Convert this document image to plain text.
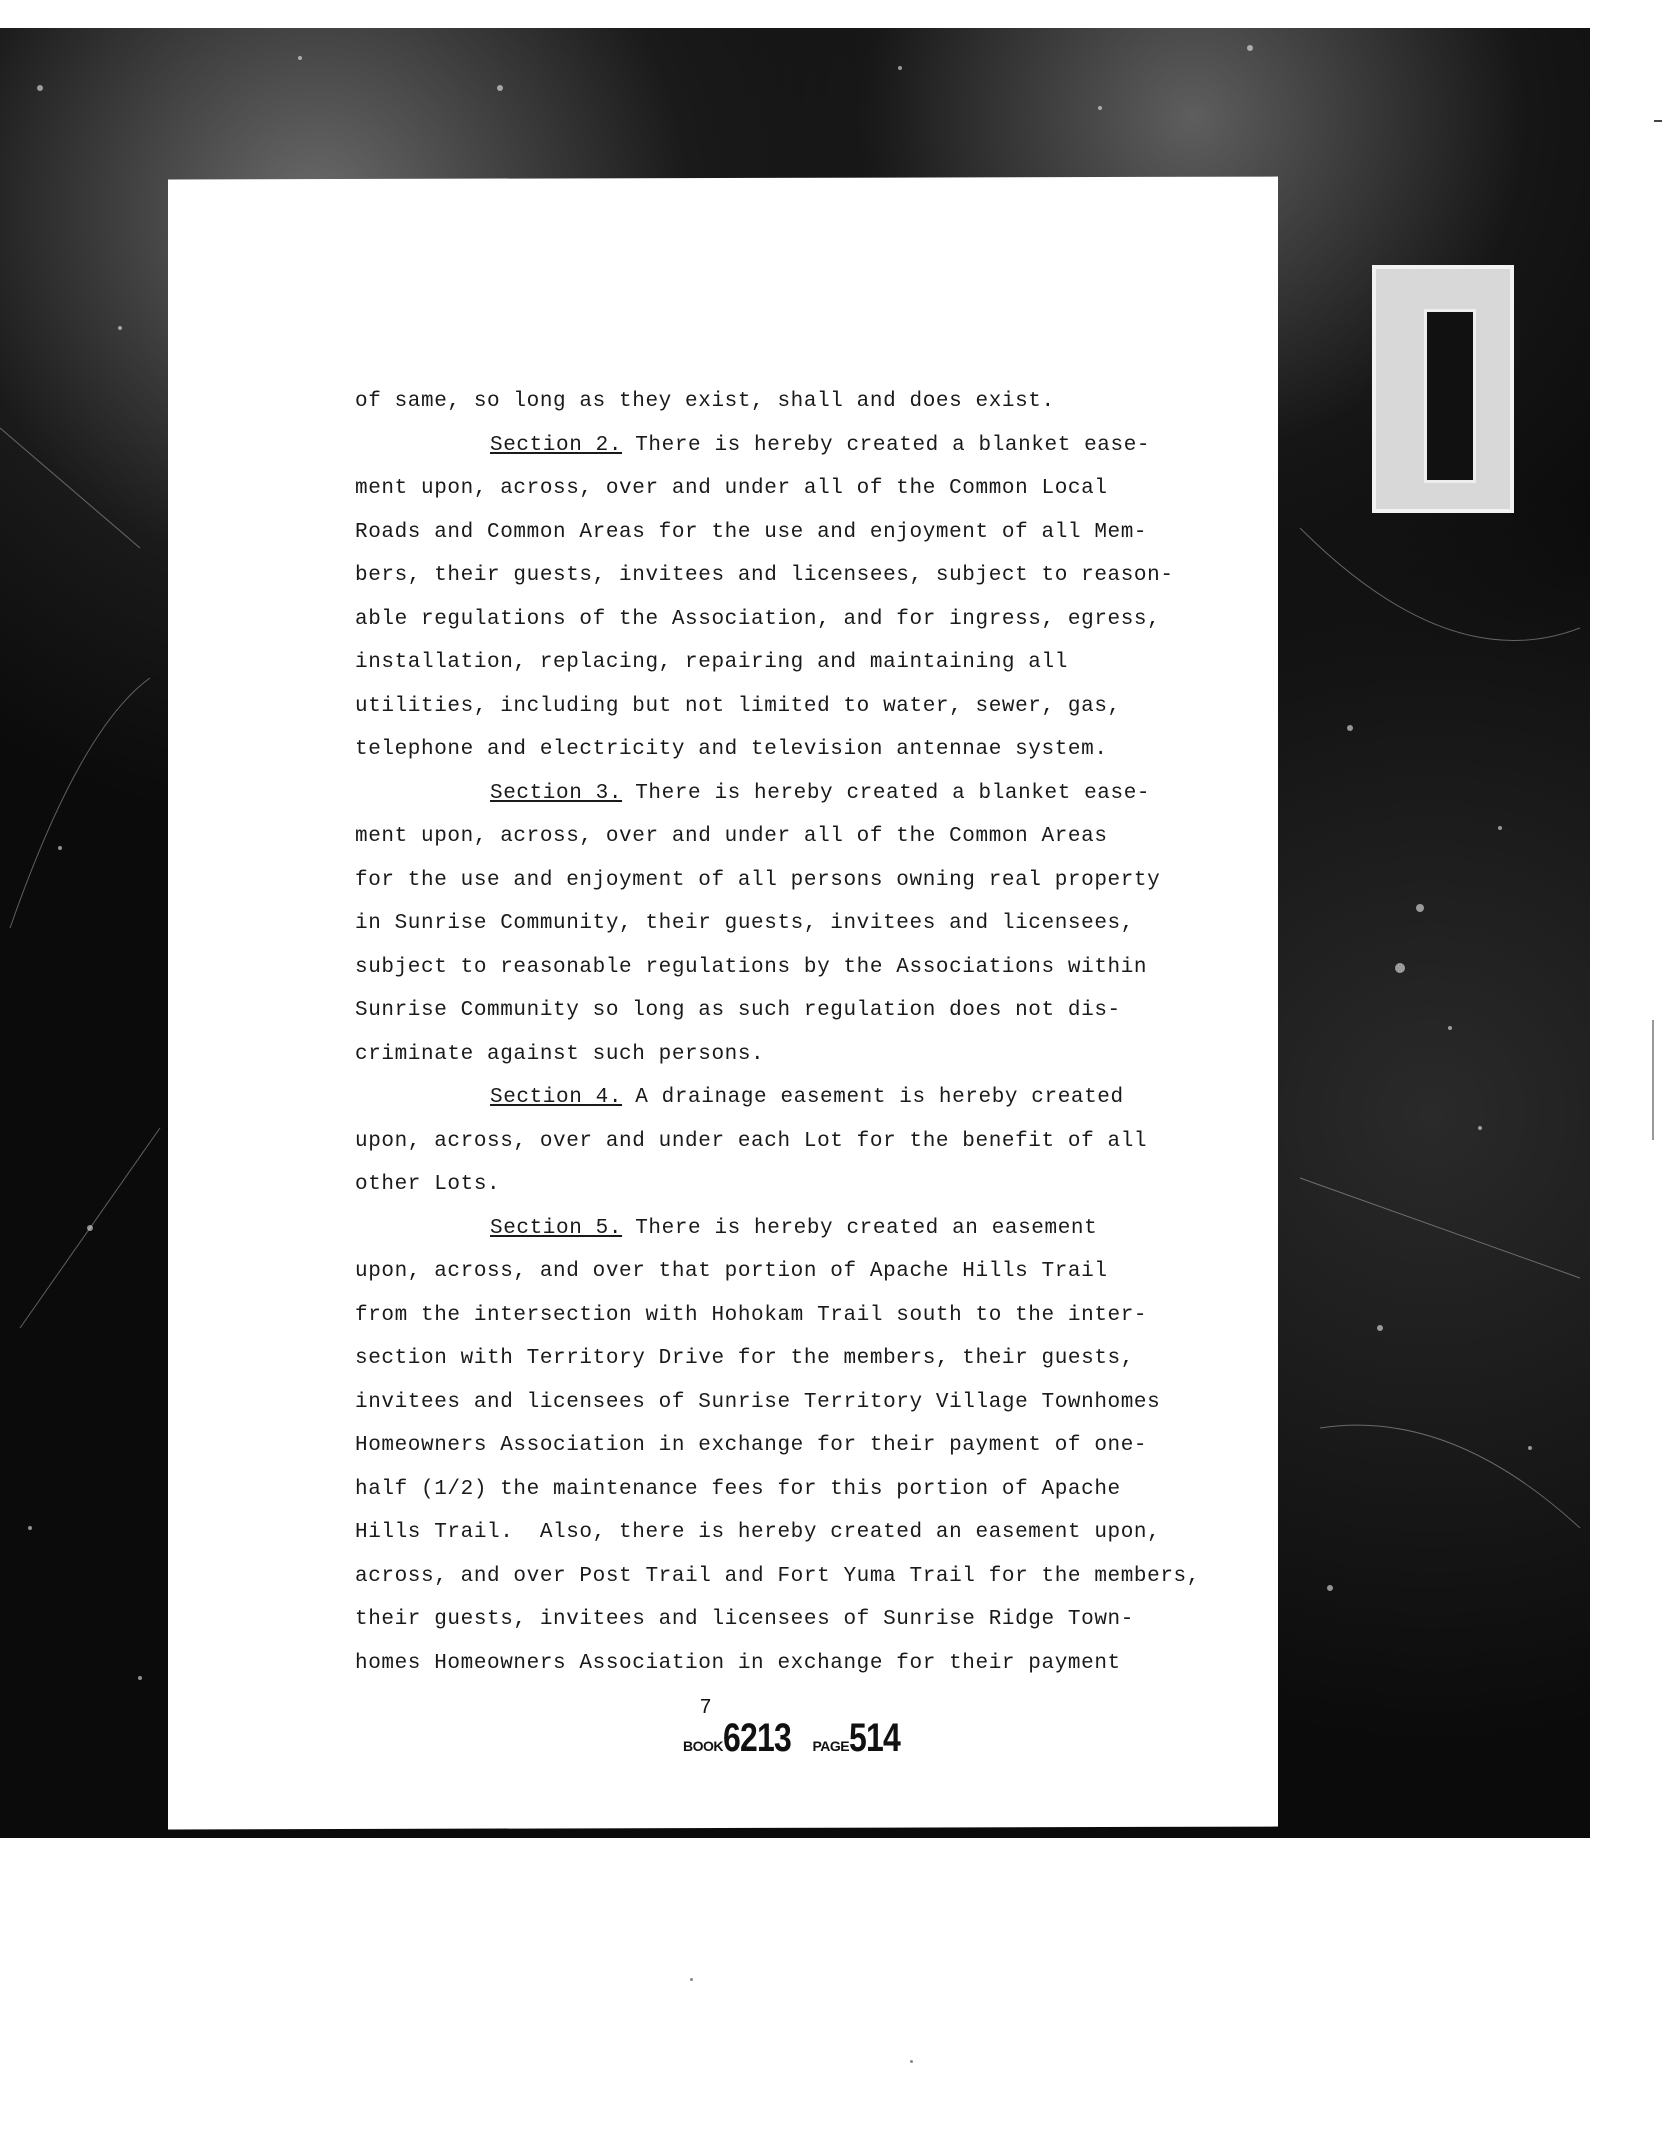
of same, so long as they exist, shall and does exist.
Section 2. There is hereby created a blanket ease-
ment upon, across, over and under all of the Common Local
Roads and Common Areas for the use and enjoyment of all Mem-
bers, their guests, invitees and licensees, subject to reason-
able regulations of the Association, and for ingress, egress,
installation, replacing, repairing and maintaining all
utilities, including but not limited to water, sewer, gas,
telephone and electricity and television antennae system.
Section 3. There is hereby created a blanket ease-
ment upon, across, over and under all of the Common Areas
for the use and enjoyment of all persons owning real property
in Sunrise Community, their guests, invitees and licensees,
subject to reasonable regulations by the Associations within
Sunrise Community so long as such regulation does not dis-
criminate against such persons.
Section 4. A drainage easement is hereby created
upon, across, over and under each Lot for the benefit of all
other Lots.
Section 5. There is hereby created an easement
upon, across, and over that portion of Apache Hills Trail
from the intersection with Hohokam Trail south to the inter-
section with Territory Drive for the members, their guests,
invitees and licensees of Sunrise Territory Village Townhomes
Homeowners Association in exchange for their payment of one-
half (1/2) the maintenance fees for this portion of Apache
Hills Trail.  Also, there is hereby created an easement upon,
across, and over Post Trail and Fort Yuma Trail for the members,
their guests, invitees and licensees of Sunrise Ridge Town-
homes Homeowners Association in exchange for their payment
7
BOOK6213 PAGE514
